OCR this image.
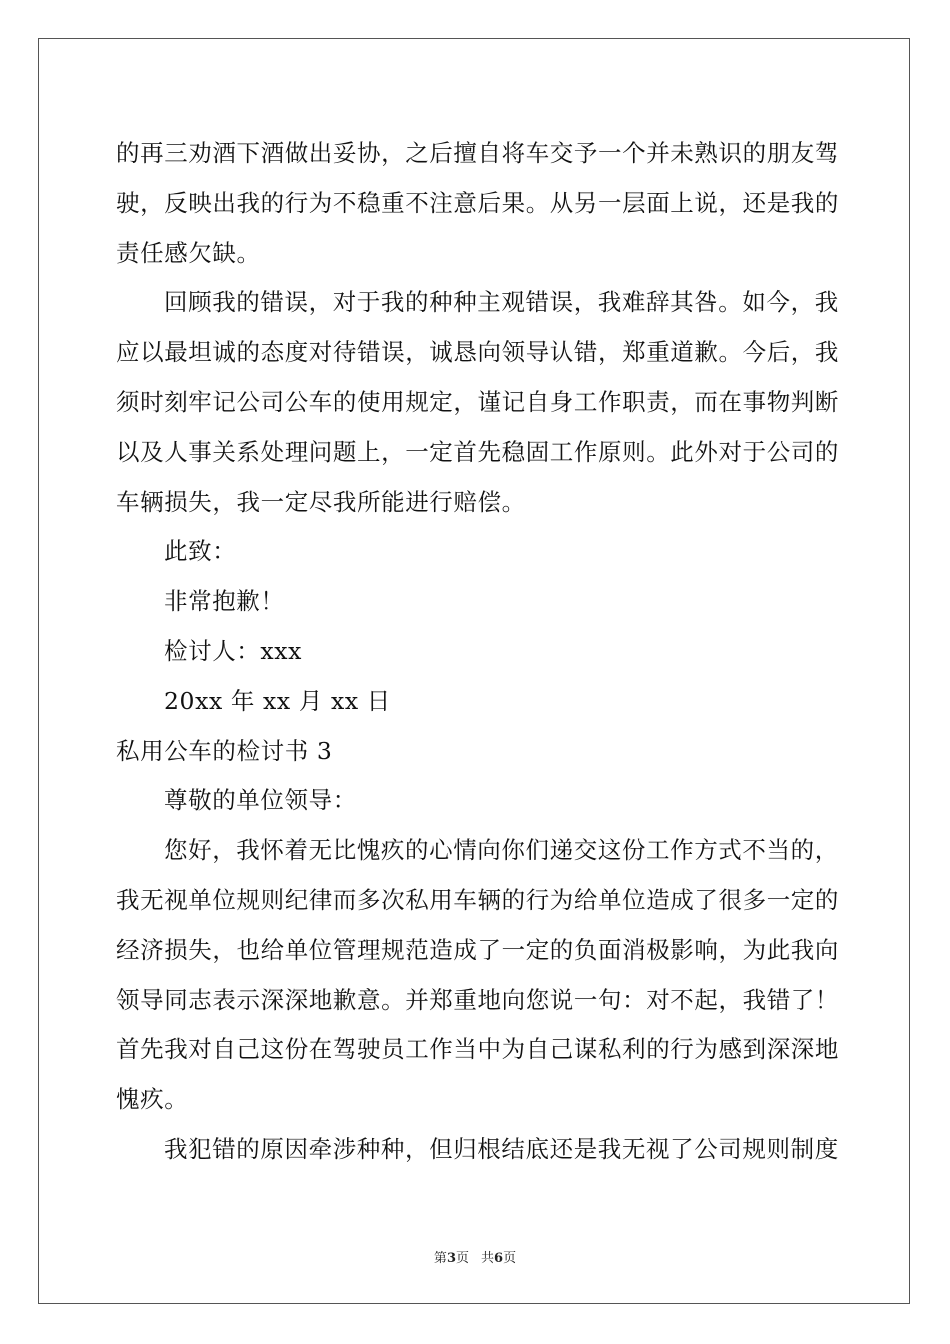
的再三劝酒下酒做出妥协，之后擅自将车交予一个并未熟识的朋友驾
驶，反映出我的行为不稳重不注意后果。从另一层面上说，还是我的
责任感欠缺。
回顾我的错误，对于我的种种主观错误，我难辞其咎。如今，我
应以最坦诚的态度对待错误，诚恳向领导认错，郑重道歉。今后，我
须时刻牢记公司公车的使用规定，谨记自身工作职责，而在事物判断
以及人事关系处理问题上，一定首先稳固工作原则。此外对于公司的
车辆损失，我一定尽我所能进行赔偿。
此致：
非常抱歉！
检讨人：xxx
20xx 年 xx 月 xx 日
私用公车的检讨书 3
尊敬的单位领导：
您好，我怀着无比愧疚的心情向你们递交这份工作方式不当的，
我无视单位规则纪律而多次私用车辆的行为给单位造成了很多一定的
经济损失，也给单位管理规范造成了一定的负面消极影响，为此我向
领导同志表示深深地歉意。并郑重地向您说一句：对不起，我错了！
首先我对自己这份在驾驶员工作当中为自己谋私利的行为感到深深地
愧疚。
我犯错的原因牵涉种种，但归根结底还是我无视了公司规则制度
第3页 共6页
